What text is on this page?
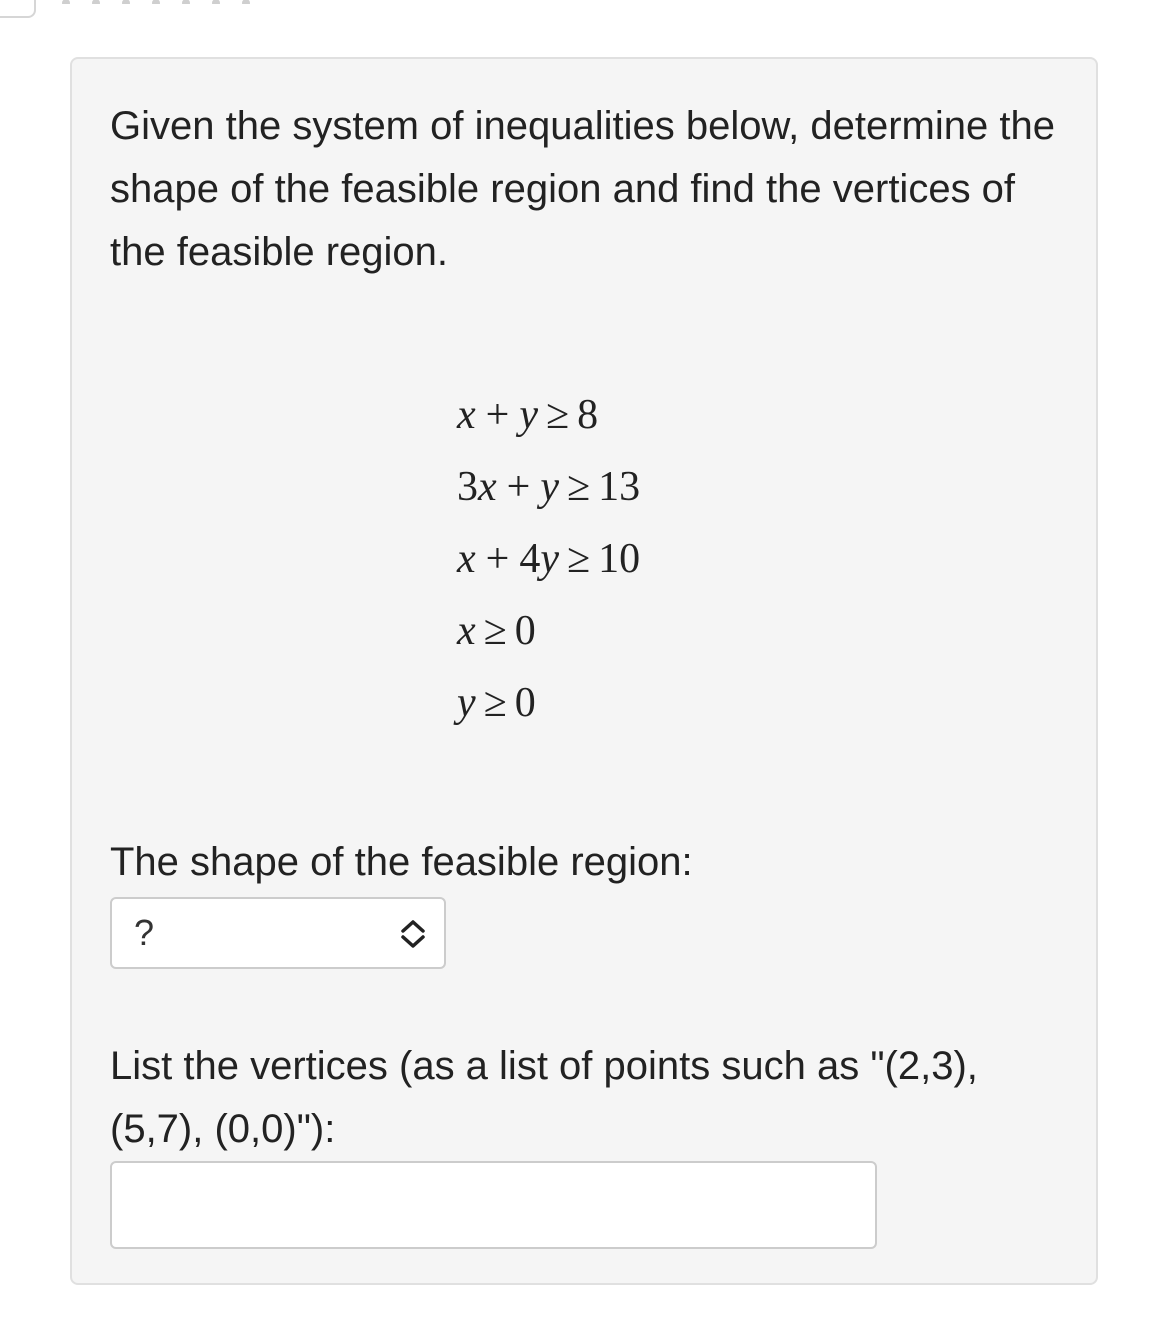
Given the system of inequalities below, determine the shape of the feasible region and find the vertices of the feasible region.

x + y ≥ 8
3x + y ≥ 13
x + 4y ≥ 10
x ≥ 0
y ≥ 0

The shape of the feasible region:

?

List the vertices (as a list of points such as "(2,3), (5,7), (0,0)"):
